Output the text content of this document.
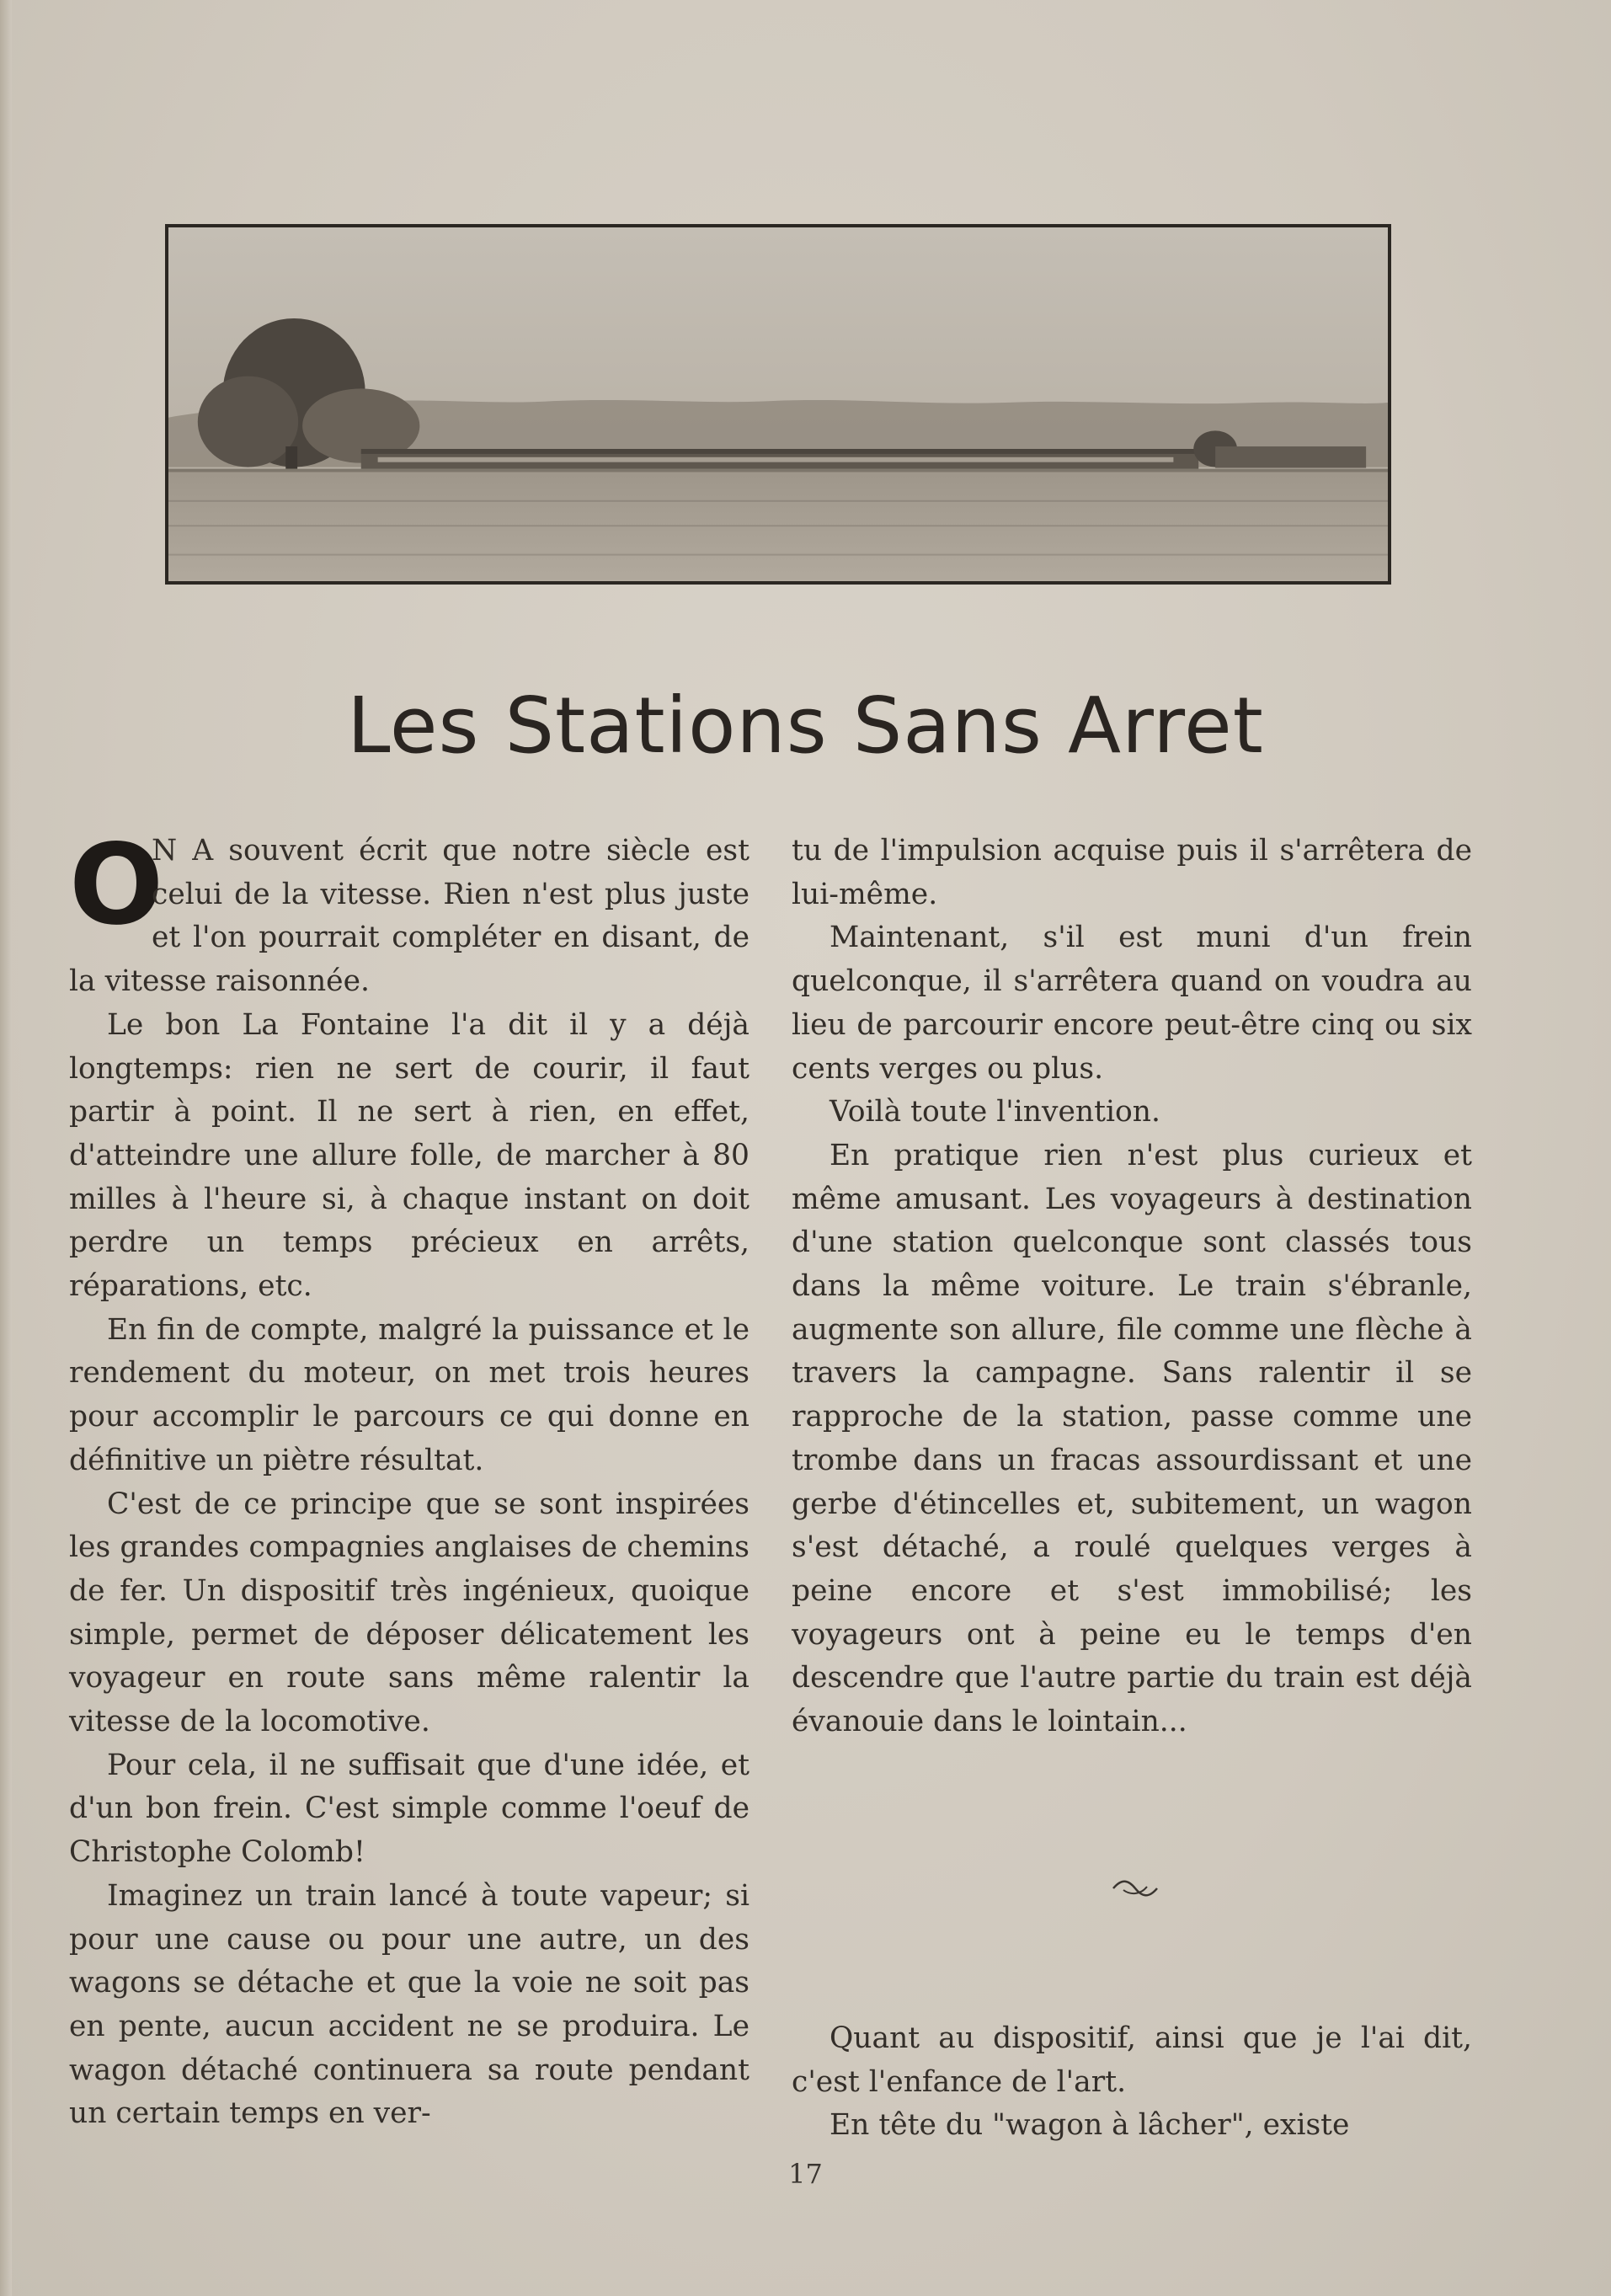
Les Stations Sans Arret
O

N A souvent écrit que notre siècle est celui de la vitesse. Rien n'est plus juste et l'on pourrait compléter en disant, de la vitesse raisonnée.

Le bon La Fontaine l'a dit il y a déjà longtemps: rien ne sert de courir, il faut partir à point. Il ne sert à rien, en effet, d'atteindre une allure folle, de marcher à 80 milles à l'heure si, à chaque instant on doit perdre un temps précieux en arrêts, réparations, etc.

En fin de compte, malgré la puissance et le rendement du moteur, on met trois heures pour accomplir le parcours ce qui donne en définitive un piètre résultat.

C'est de ce principe que se sont inspirées les grandes compagnies anglaises de chemins de fer. Un dispositif très ingénieux, quoique simple, permet de déposer délicatement les voyageur en route sans même ralentir la vitesse de la locomotive.

Pour cela, il ne suffisait que d'une idée, et d'un bon frein. C'est simple comme l'oeuf de Christophe Colomb!

Imaginez un train lancé à toute vapeur; si pour une cause ou pour une autre, un des wagons se détache et que la voie ne soit pas en pente, aucun accident ne se produira. Le wagon détaché continuera sa route pendant un certain temps en ver-

tu de l'impulsion acquise puis il s'arrêtera de lui-même.

Maintenant, s'il est muni d'un frein quelconque, il s'arrêtera quand on voudra au lieu de parcourir encore peut-être cinq ou six cents verges ou plus.

Voilà toute l'invention.

En pratique rien n'est plus curieux et même amusant. Les voyageurs à destination d'une station quelconque sont classés tous dans la même voiture. Le train s'ébranle, augmente son allure, file comme une flèche à travers la campagne. Sans ralentir il se rapproche de la station, passe comme une trombe dans un fracas assourdissant et une gerbe d'étincelles et, subitement, un wagon s'est détaché, a roulé quelques verges à peine encore et s'est immobilisé; les voyageurs ont à peine eu le temps d'en descendre que l'autre partie du train est déjà évanouie dans le lointain...

Quant au dispositif, ainsi que je l'ai dit, c'est l'enfance de l'art.

En tête du "wagon à lâcher", existe

17
